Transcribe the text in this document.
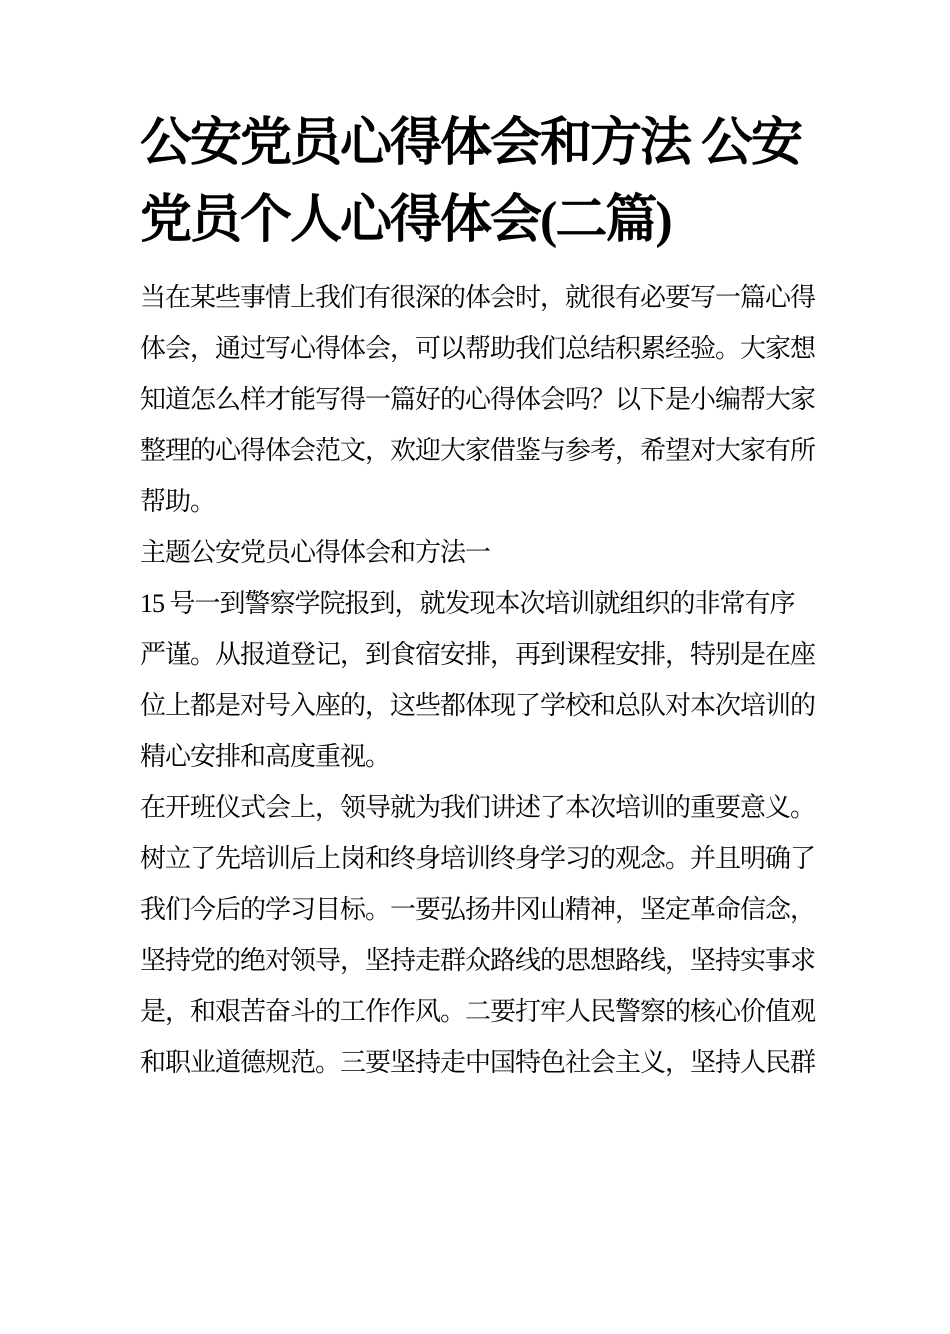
公安党员心得体会和方法 公安
党员个人心得体会(二篇)
当在某些事情上我们有很深的体会时，就很有必要写一篇心得
体会，通过写心得体会，可以帮助我们总结积累经验。大家想
知道怎么样才能写得一篇好的心得体会吗？以下是小编帮大家
整理的心得体会范文，欢迎大家借鉴与参考，希望对大家有所
帮助。
主题公安党员心得体会和方法一
15 号一到警察学院报到，就发现本次培训就组织的非常有序
严谨。从报道登记，到食宿安排，再到课程安排，特别是在座
位上都是对号入座的，这些都体现了学校和总队对本次培训的
精心安排和高度重视。
在开班仪式会上，领导就为我们讲述了本次培训的重要意义。
树立了先培训后上岗和终身培训终身学习的观念。并且明确了
我们今后的学习目标。一要弘扬井冈山精神，坚定革命信念，
坚持党的绝对领导，坚持走群众路线的思想路线，坚持实事求
是，和艰苦奋斗的工作作风。二要打牢人民警察的核心价值观
和职业道德规范。三要坚持走中国特色社会主义，坚持人民群
